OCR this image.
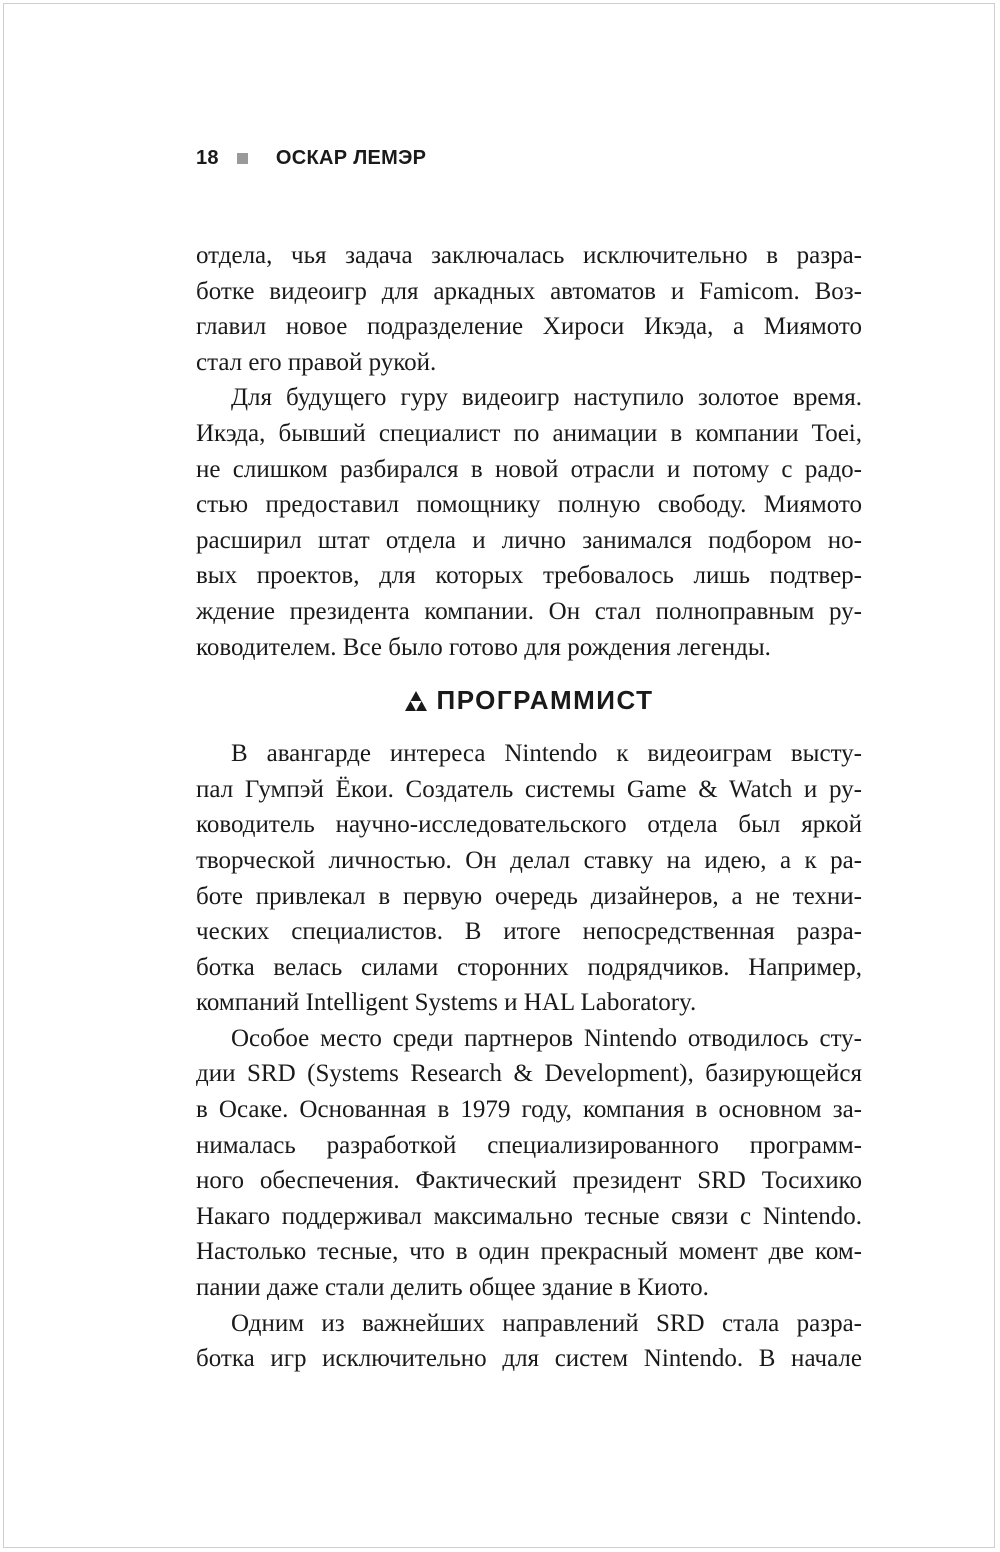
18	ОСКАР ЛЕМЭР
отдела, чья задача заключалась исключительно в разра-
ботке видеоигр для аркадных автоматов и Famicom. Воз-
главил новое подразделение Хироси Икэда, а Миямото
стал его правой рукой.
Для будущего гуру видеоигр наступило золотое время.
Икэда, бывший специалист по анимации в компании Toei,
не слишком разбирался в новой отрасли и потому с радо-
стью предоставил помощнику полную свободу. Миямото
расширил штат отдела и лично занимался подбором но-
вых проектов, для которых требовалось лишь подтвер-
ждение президента компании. Он стал полноправным ру-
ководителем. Все было готово для рождения легенды.
ПРОГРАММИСТ
В авангарде интереса Nintendo к видеоиграм высту-
пал Гумпэй Ёкои. Создатель системы Game & Watch и ру-
ководитель научно-исследовательского отдела был яркой
творческой личностью. Он делал ставку на идею, а к ра-
боте привлекал в первую очередь дизайнеров, а не техни-
ческих специалистов. В итоге непосредственная разра-
ботка велась силами сторонних подрядчиков. Например,
компаний Intelligent Systems и HAL Laboratory.
Особое место среди партнеров Nintendo отводилось сту-
дии SRD (Systems Research & Development), базирующейся
в Осаке. Основанная в 1979 году, компания в основном за-
нималась разработкой специализированного программ-
ного обеспечения. Фактический президент SRD Тосихико
Накаго поддерживал максимально тесные связи с Nintendo.
Настолько тесные, что в один прекрасный момент две ком-
пании даже стали делить общее здание в Киото.
Одним из важнейших направлений SRD стала разра-
ботка игр исключительно для систем Nintendo. В начале
